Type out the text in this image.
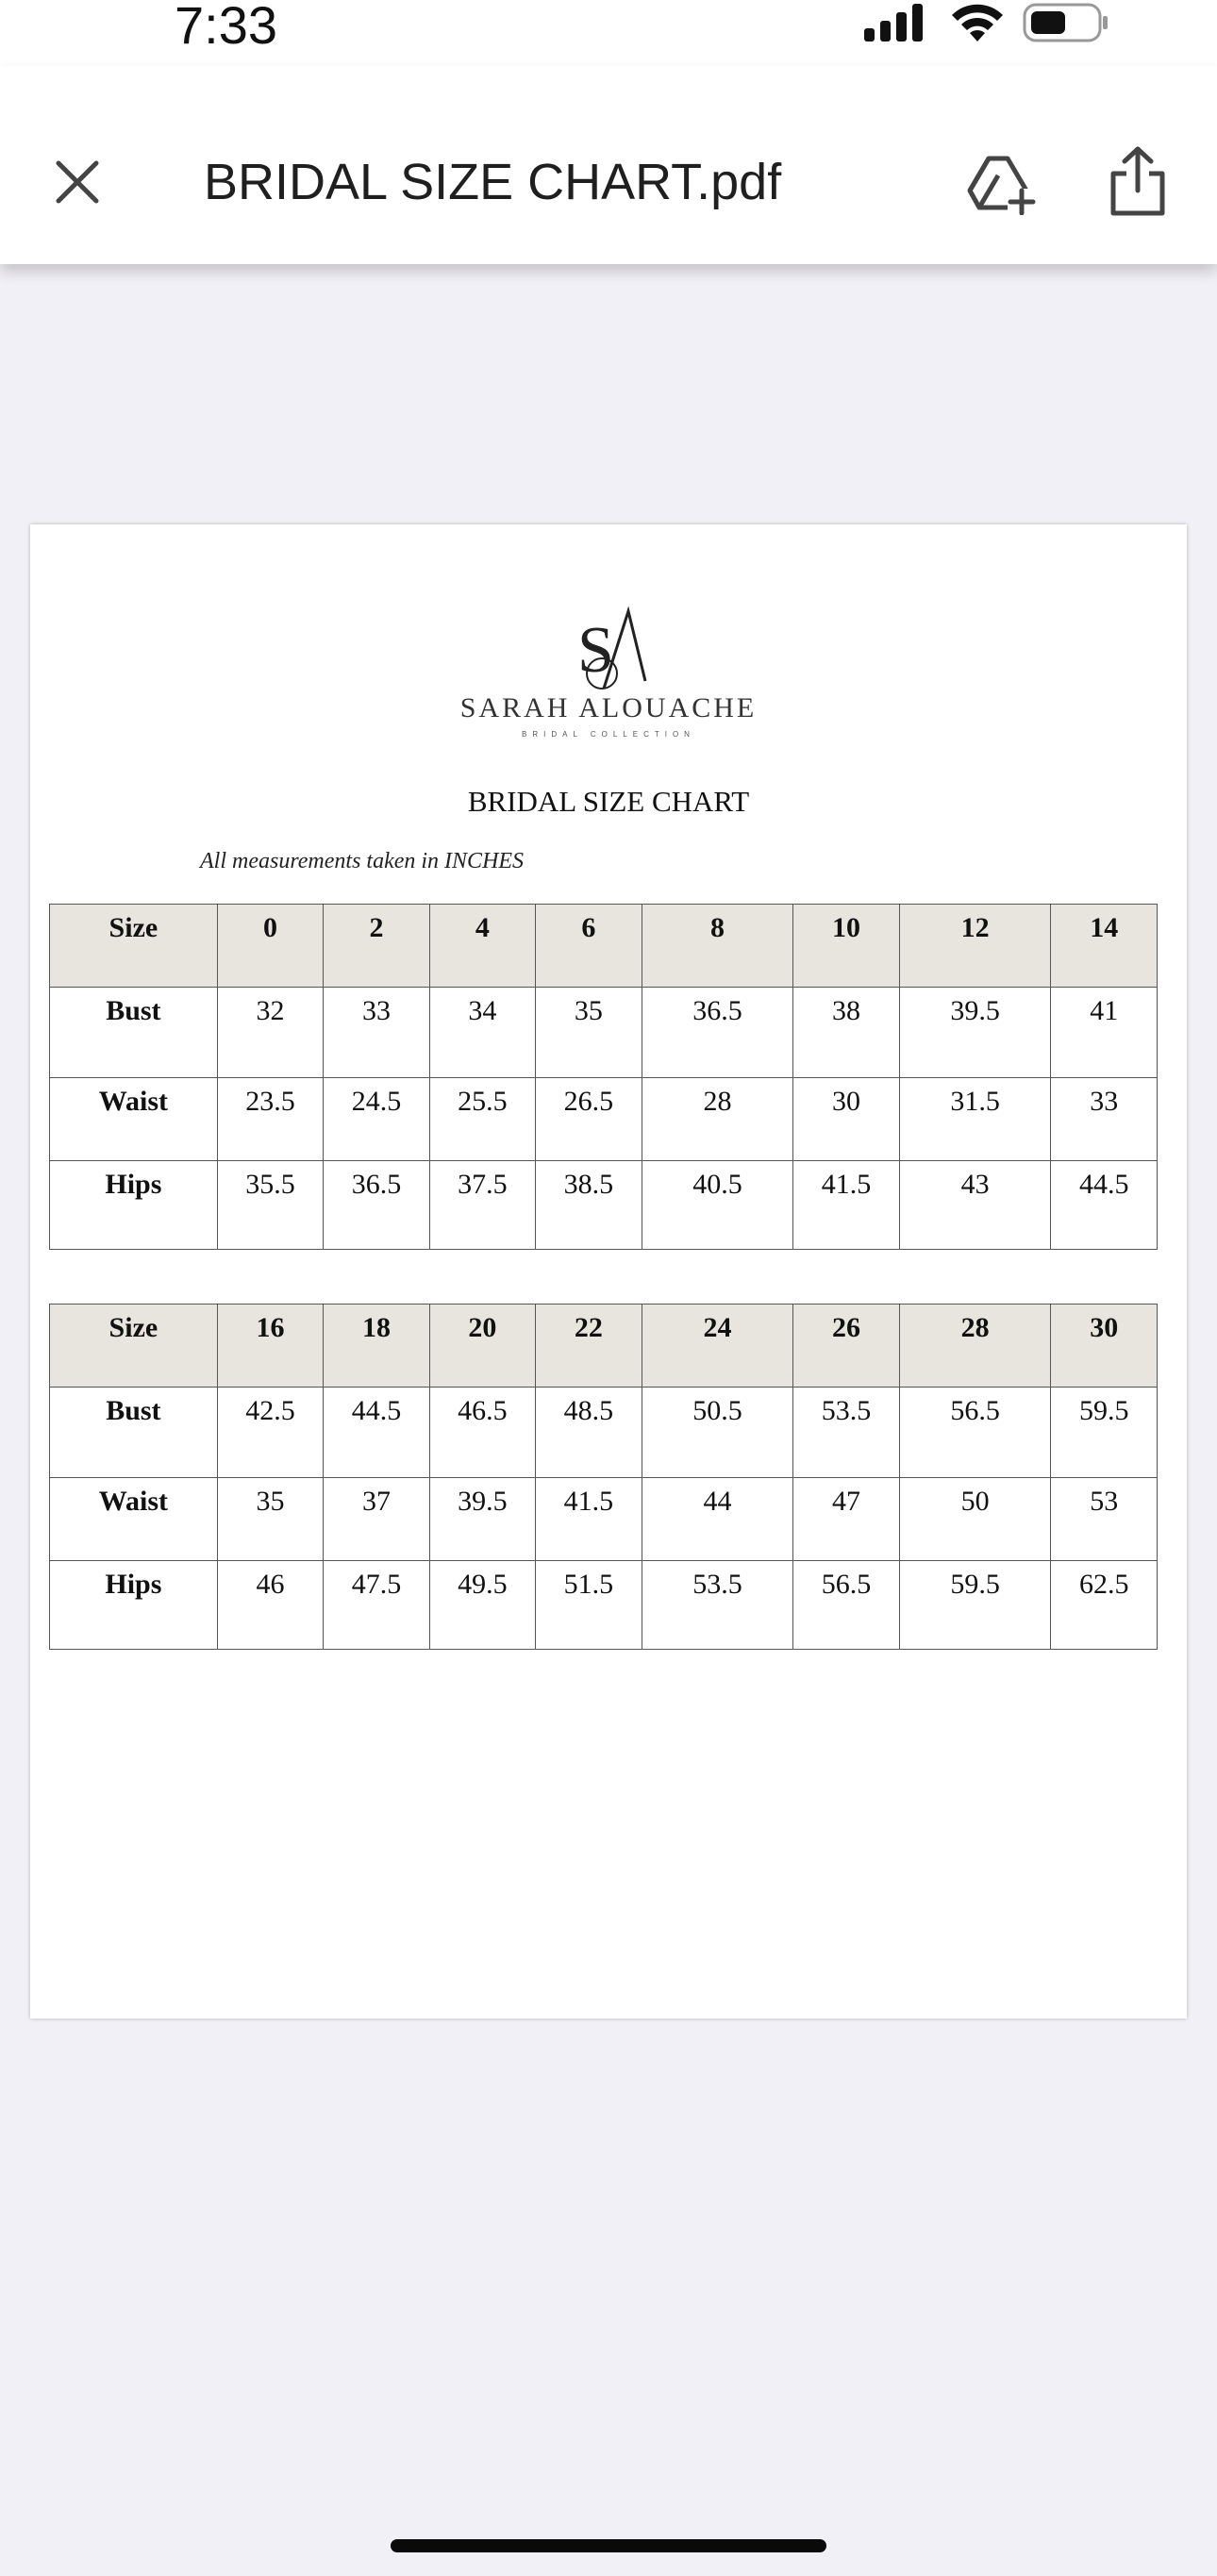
7:33
BRIDAL SIZE CHART.pdf
S
SARAH ALOUACHE
BRIDAL COLLECTION
BRIDAL SIZE CHART
All measurements taken in INCHES
Size	0	2	4	6	8	10	12	14
Bust	32	33	34	35	36.5	38	39.5	41
Waist	23.5	24.5	25.5	26.5	28	30	31.5	33
Hips	35.5	36.5	37.5	38.5	40.5	41.5	43	44.5
Size	16	18	20	22	24	26	28	30
Bust	42.5	44.5	46.5	48.5	50.5	53.5	56.5	59.5
Waist	35	37	39.5	41.5	44	47	50	53
Hips	46	47.5	49.5	51.5	53.5	56.5	59.5	62.5
